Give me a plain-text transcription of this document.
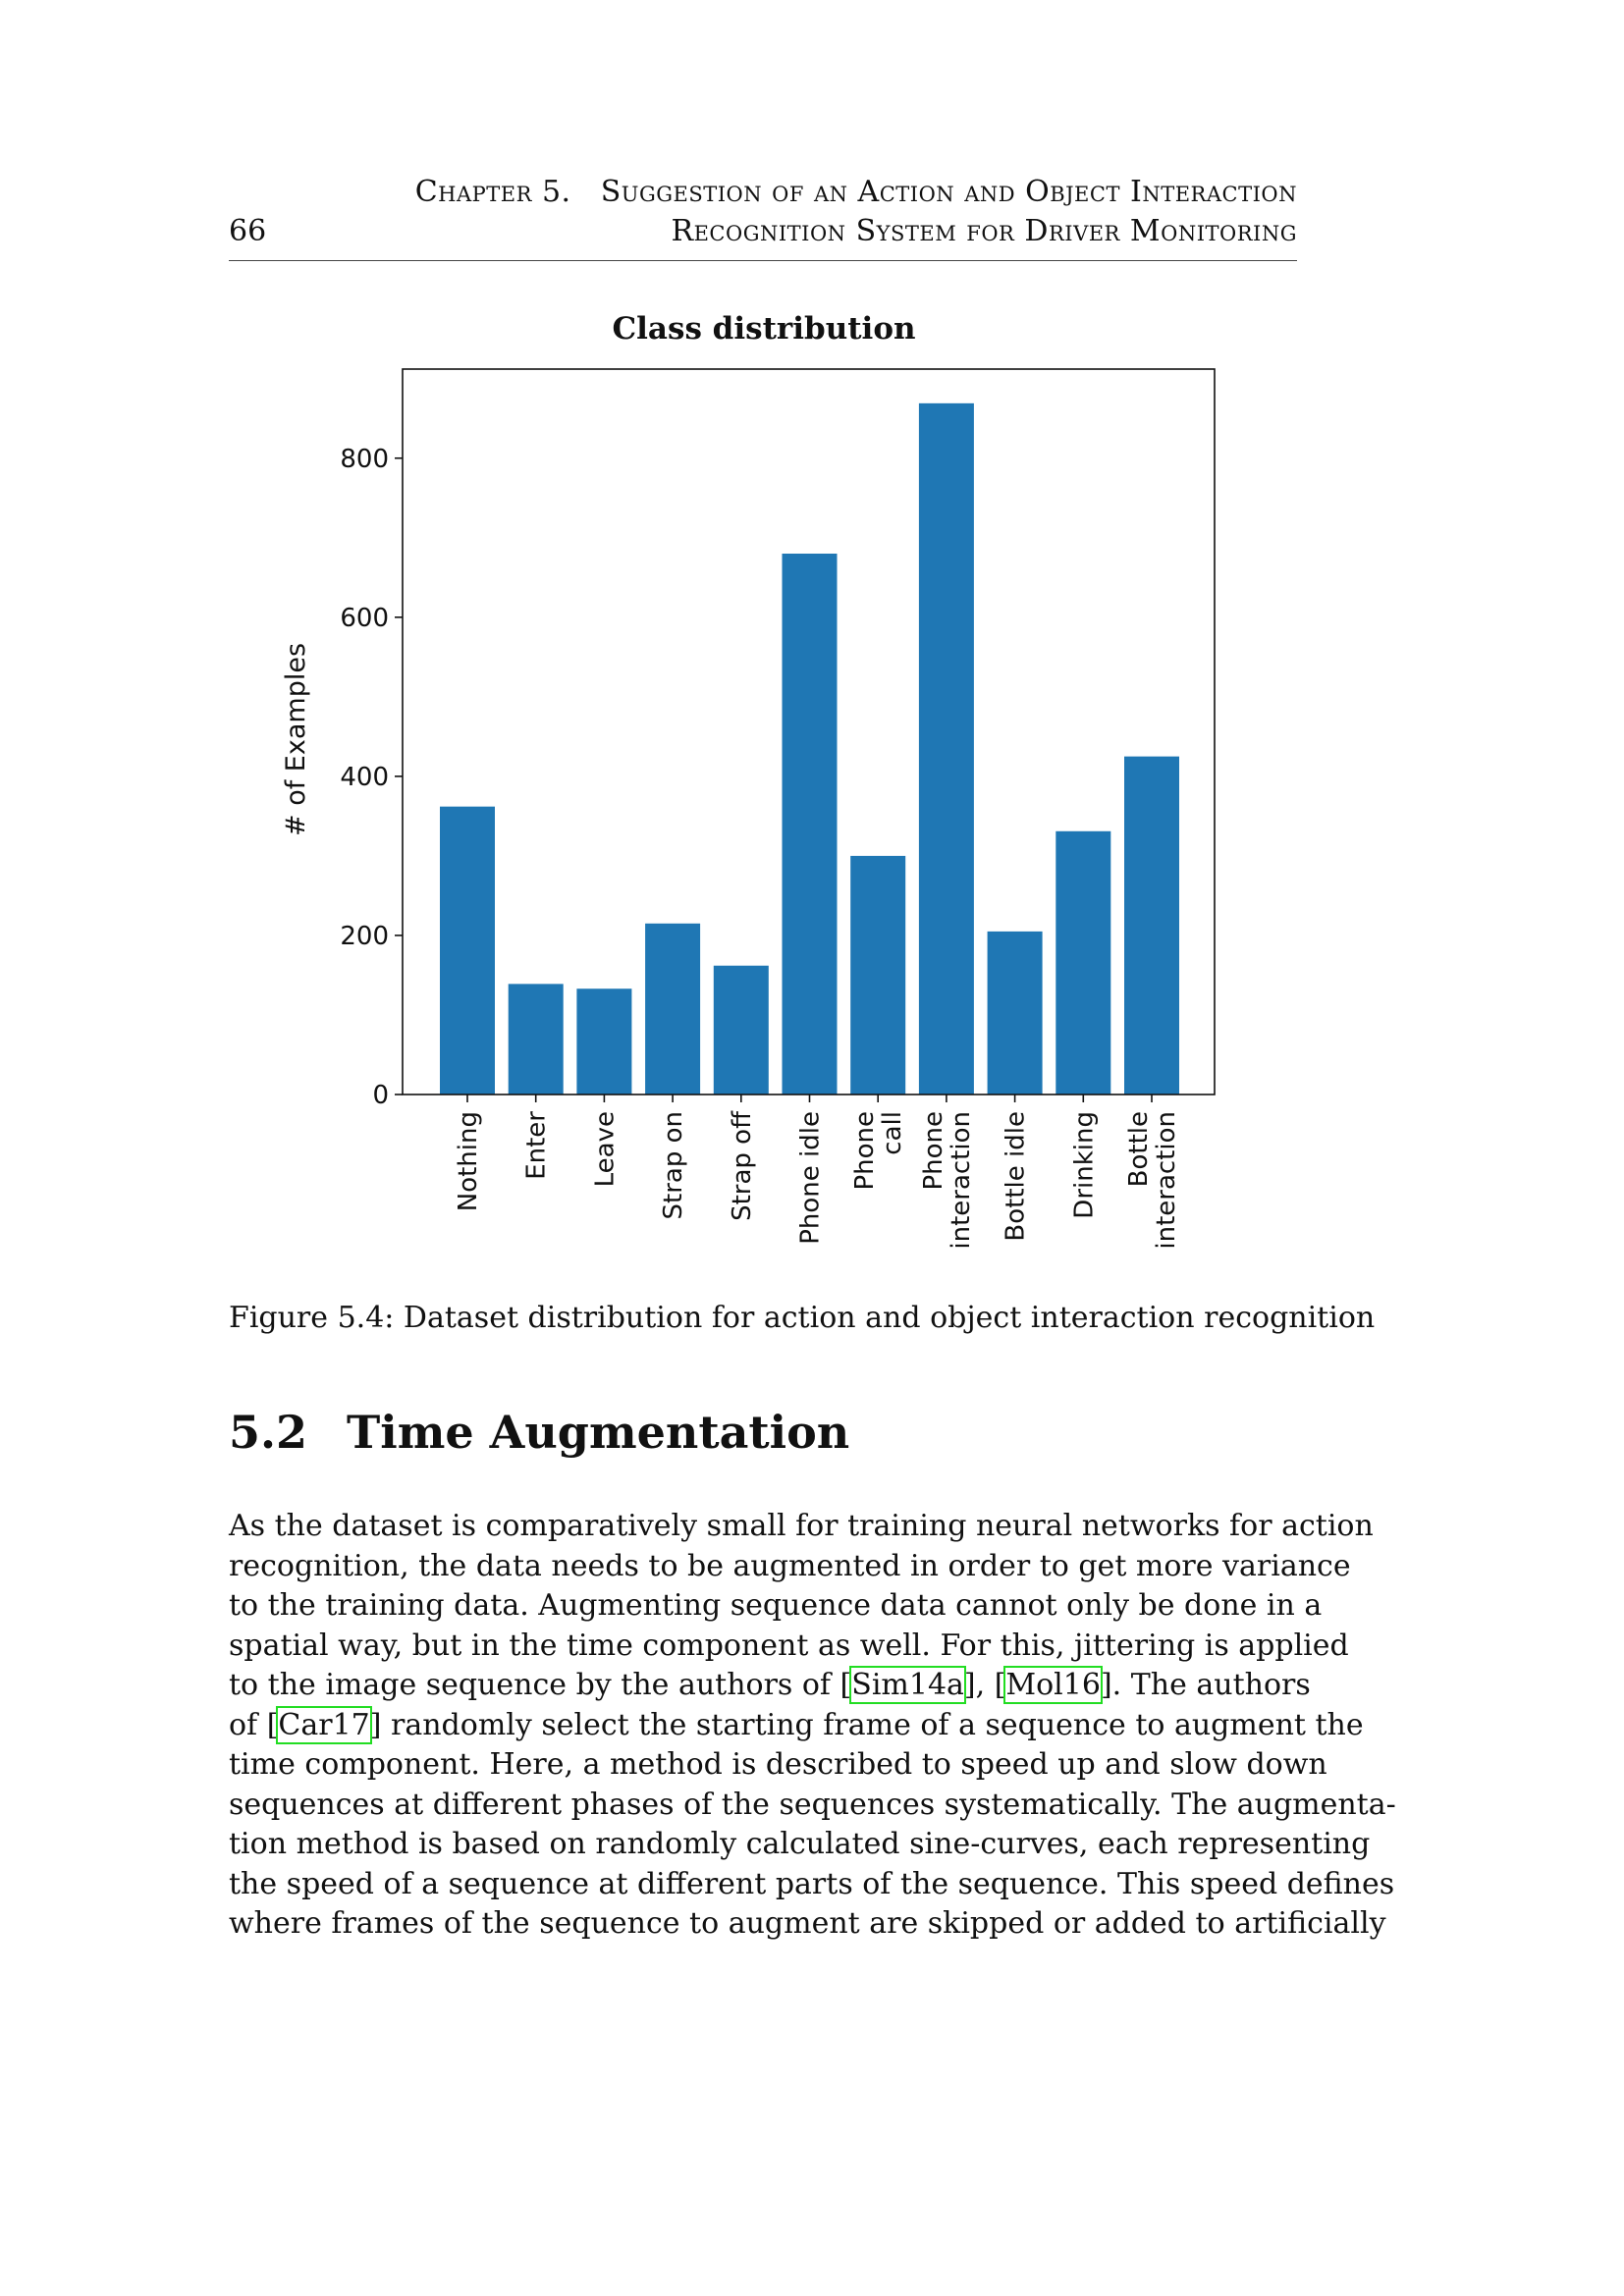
Chapter 5. Suggestion of an Action and Object Interaction
66	Recognition System for Driver Monitoring
Class distribution
# of Examples
0
200
400
600
800
Nothing Enter Leave Strap on Strap off Phone idle Phonecall Phoneinteraction Bottle idle Drinking Bottleinteraction
Figure 5.4: Dataset distribution for action and object interaction recognition
5.2 Time Augmentation
As the dataset is comparatively small for training neural networks for action
recognition, the data needs to be augmented in order to get more variance
to the training data. Augmenting sequence data cannot only be done in a
spatial way, but in the time component as well. For this, jittering is applied
to the image sequence by the authors of [Sim14a], [Mol16]. The authors
of [Car17] randomly select the starting frame of a sequence to augment the
time component. Here, a method is described to speed up and slow down
sequences at different phases of the sequences systematically. The augmenta-
tion method is based on randomly calculated sine-curves, each representing
the speed of a sequence at different parts of the sequence. This speed defines
where frames of the sequence to augment are skipped or added to artificially
